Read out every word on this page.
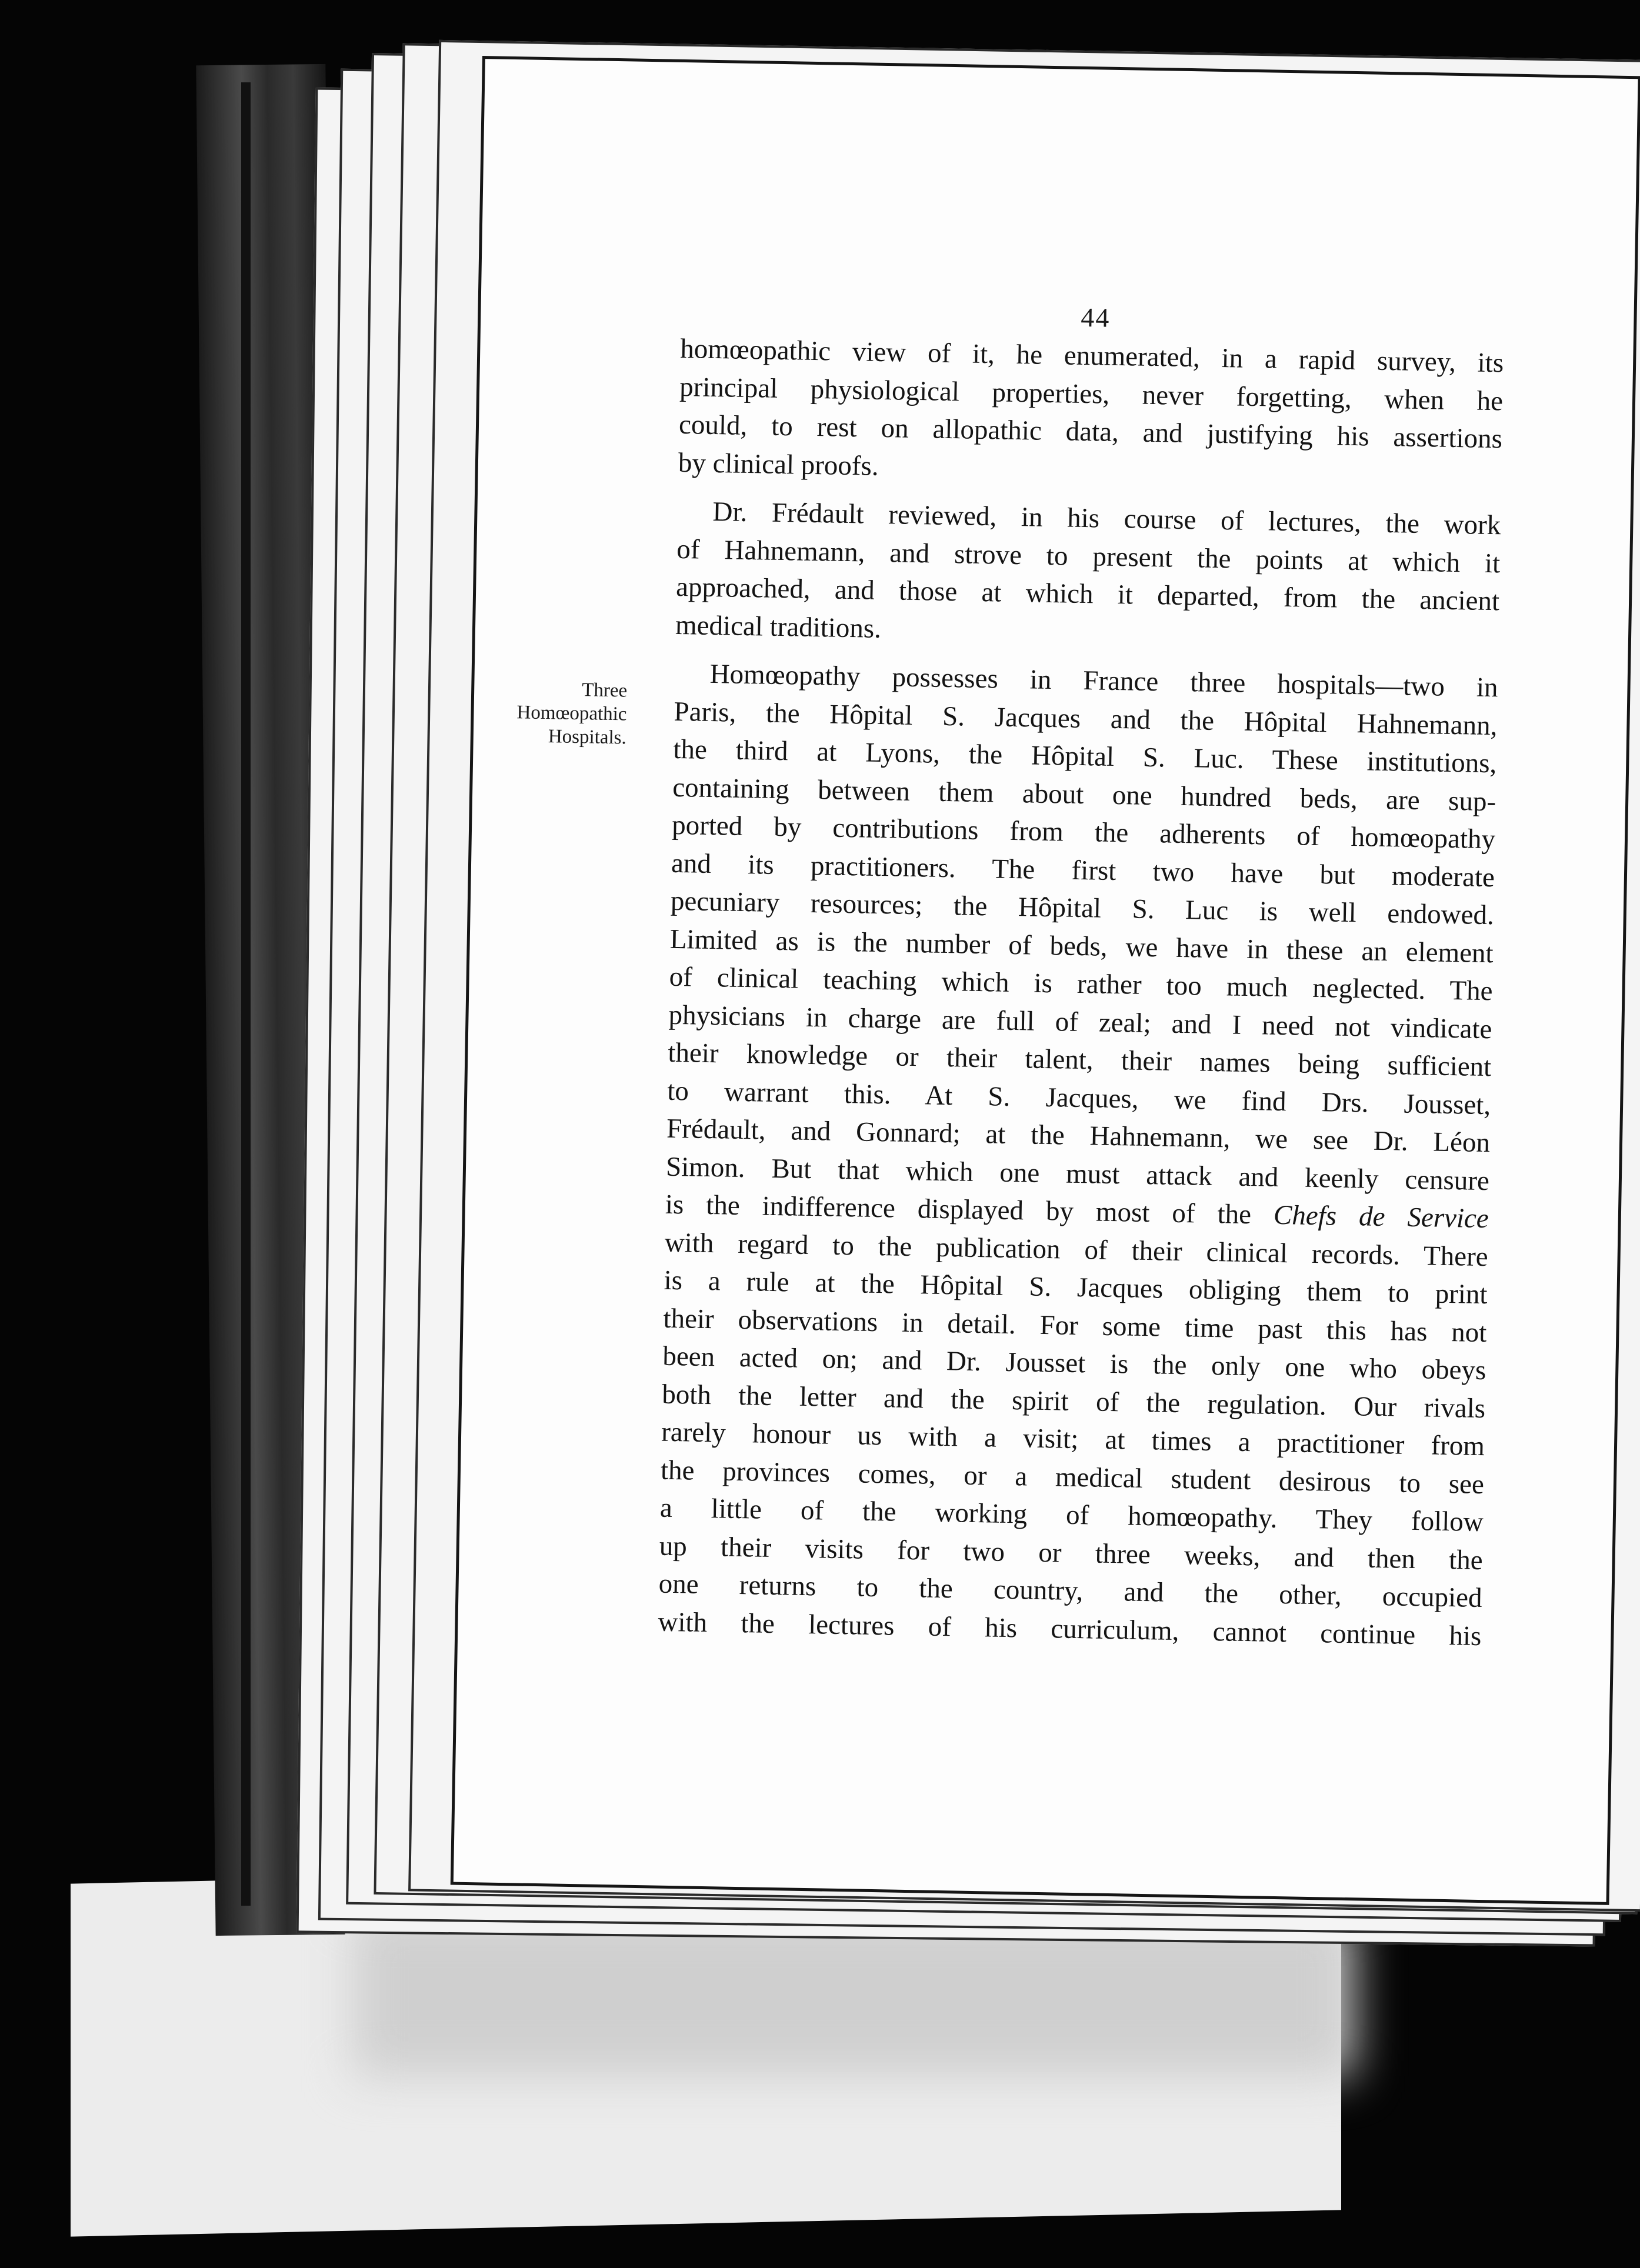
44
Three
Homœopathic
Hospitals.
homœopathic view of it, he enumerated, in a rapid survey, its
principal physiological properties, never forgetting, when he
could, to rest on allopathic data, and justifying his assertions
by clinical proofs.
Dr. Frédault reviewed, in his course of lectures, the work
of Hahnemann, and strove to present the points at which it
approached, and those at which it departed, from the ancient
medical traditions.
Homœopathy possesses in France three hospitals—two in
Paris, the Hôpital S. Jacques and the Hôpital Hahnemann,
the third at Lyons, the Hôpital S. Luc. These institutions,
containing between them about one hundred beds, are sup-
ported by contributions from the adherents of homœopathy
and its practitioners. The first two have but moderate
pecuniary resources; the Hôpital S. Luc is well endowed.
Limited as is the number of beds, we have in these an element
of clinical teaching which is rather too much neglected. The
physicians in charge are full of zeal; and I need not vindicate
their knowledge or their talent, their names being sufficient
to warrant this. At S. Jacques, we find Drs. Jousset,
Frédault, and Gonnard; at the Hahnemann, we see Dr. Léon
Simon. But that which one must attack and keenly censure
is the indifference displayed by most of the Chefs de Service
with regard to the publication of their clinical records. There
is a rule at the Hôpital S. Jacques obliging them to print
their observations in detail. For some time past this has not
been acted on; and Dr. Jousset is the only one who obeys
both the letter and the spirit of the regulation. Our rivals
rarely honour us with a visit; at times a practitioner from
the provinces comes, or a medical student desirous to see
a little of the working of homœopathy. They follow
up their visits for two or three weeks, and then the
one returns to the country, and the other, occupied
with the lectures of his curriculum, cannot continue his
